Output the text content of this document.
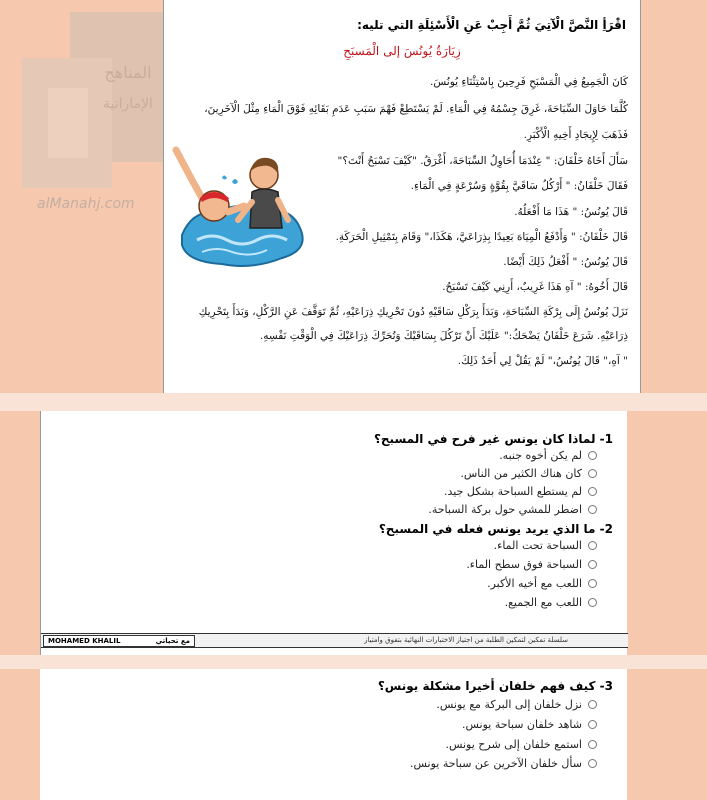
المناهج
الإماراتية
اقْرَأِ النَّصَّ الْآتِيَ ثُمَّ أَجِبْ عَنِ الْأَسْئِلَةِ التي تليه:
زِيَارَةُ يُونُسَ إلى الْمَسبَحِ
كَانَ الْجَمِيعُ فِي الْمَسْبَحِ فَرِحِينَ بِاسْتِثْنَاءِ يُونُسَ.
كُلَّمَا حَاوَلَ السِّبَاحَةَ، غَرِقَ جِسْمُهُ فِي الْمَاءِ. لَمْ يَسْتَطِعْ فَهْمَ سَبَبِ عَدَمِ بَقَائِهِ فَوْقَ الْمَاءِ مِثْلَ الْآخَرِينَ،
فَذَهَبَ لِإِيجَادِ أَخِيهِ الْأَكْبَرِ.
سَأَلَ أَخَاهُ خَلْفَانَ: " عِنْدَمَا أُحَاوِلُ السِّبَاحَةَ، أَغْرَقُ. "كَيْفَ تَسْبَحُ أَنْتَ؟"
فَقَالَ خَلْفَانُ: " أَرْكُلُ سَاقَيَّ بِقُوَّةٍ وَسُرْعَةٍ فِي الْمَاءِ.
قَالَ يُونُسُ: " هَذَا مَا أَفْعَلُهُ.
قَالَ خَلْفَانُ: " وَأَدْفَعُ الْمِيَاهَ بَعِيدًا بِذِرَاعَيَّ، هَكَذَا،" وَقَامَ بِتَمْثِيلِ الْحَرَكَةِ.
قَالَ يُونُسُ: " أَفْعَلُ ذَلِكَ أَيْضًا.
قَالَ أَخُوهُ: " آهِ هَذَا غَرِيبٌ، أَرِنِي كَيْفَ تَسْبَحُ.
نَزَلَ يُونُسُ إِلَى بِرْكَةِ السِّبَاحَةِ، وَبَدَأَ بِرَكْلِ سَاقَيْهِ دُونَ تَحْرِيكِ ذِرَاعَيْهِ، ثُمَّ تَوَقَّفَ عَنِ الرَّكْلِ، وَبَدَأَ بِتَحْرِيكِ
ذِرَاعَيْهِ. شَرَعَ خَلْفَانُ يَضْحَكُ:" عَلَيْكَ أَنْ تَرْكُلَ بِسَاقَيْكَ وَتُحَرِّكَ ذِرَاعَيْكَ فِي الْوَقْتِ نَفْسِهِ.
" آهِ،" قَالَ يُونُسُ،" لَمْ يَقُلْ لِي أَحَدٌ ذَلِكَ.
alManahj.com
1- لماذا كان يونس غير فرح في المسبح؟
لم يكن أخوه جنبه.
كان هناك الكثير من الناس.
لم يستطع السباحة بشكل جيد.
اضطر للمشي حول بركة السباحة.
2- ما الذي يريد يونس فعله في المسبح؟
السباحة تحت الماء.
السباحة فوق سطح الماء.
اللعب مع أخيه الأكبر.
اللعب مع الجميع.
MOHAMED KHALIL	مع تحياتي	سلسلة تمكين لتمكين الطلبة من اجتياز الاختبارات النهائية بتفوق وامتياز
3- كيف فهم خلفان أخيرا مشكلة يونس؟
نزل خلفان إلى البركة مع يونس.
شاهد خلفان سباحة يونس.
استمع خلفان إلى شرح يونس.
سأل خلفان الآخرين عن سباحة يونس.
